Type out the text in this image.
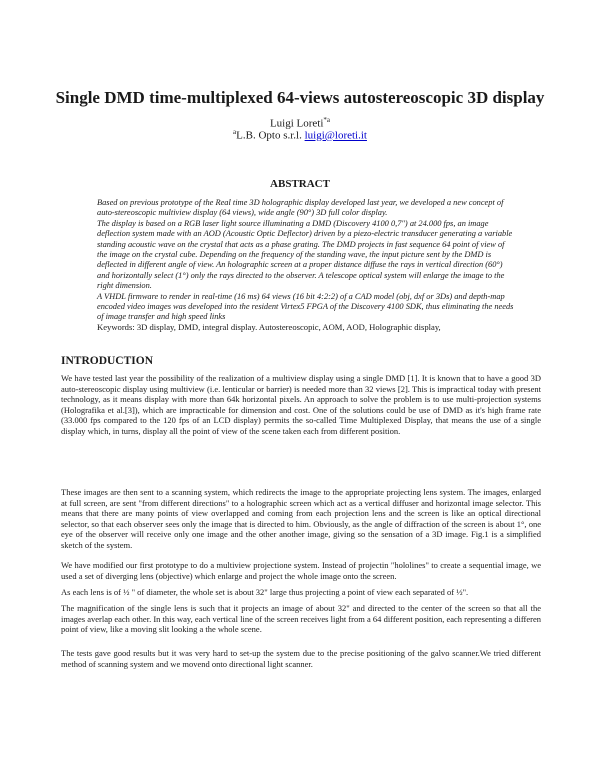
Single DMD time-multiplexed 64-views autostereoscopic 3D display
Luigi Loreti$^{*a}$
$^a$L.B. Opto s.r.l. luigi@loreti.it
ABSTRACT

Based on previous prototype of the Real time 3D holographic display developed last year, we developed a new concept of auto-stereoscopic multiview display (64 views), wide angle (90°) 3D full color display.

The display is based on a RGB laser light source illuminating a DMD (Discovery 4100 0,7") at 24.000 fps, an image deflection system made with an AOD (Acoustic Optic Deflector) driven by a piezo-electric transducer generating a variable standing acoustic wave on the crystal that acts as a phase grating. The DMD projects in fast sequence 64 point of view of the image on the crystal cube. Depending on the frequency of the standing wave, the input picture sent by the DMD is deflected in different angle of view. An holographic screen at a proper distance diffuse the rays in vertical direction (60°) and horizontally select (1°) only the rays directed to the observer. A telescope optical system will enlarge the image to the right dimension.

A VHDL firmware to render in real-time (16 ms) 64 views (16 bit 4:2:2) of a CAD model (obj, dxf or 3Ds) and depth-map encoded video images was developed into the resident Virtex5 FPGA of the Discovery 4100 SDK, thus eliminating the needs of image transfer and high speed links

Keywords: 3D display, DMD, integral display. Autostereoscopic, AOM, AOD, Holographic display,
INTRODUCTION

We have tested last year the possibility of the realization of a multiview display using a single DMD [1]. It is known that to have a good 3D auto-stereoscopic display using multiview (i.e. lenticular or barrier) is needed more than 32 views [2]. This is impractical today with present technology, as it means display with more than 64k horizontal pixels. An approach to solve the problem is to use multi-projection systems (Holografika et al.[3]), which are impracticable for dimension and cost. One of the solutions could be use of DMD as it's high frame rate (33.000 fps compared to the 120 fps of an LCD display) permits the so-called Time Multiplexed Display, that means the use of a single display which, in turns, display all the point of view of the scene taken each from different position.

These images are then sent to a scanning system, which redirects the image to the appropriate projecting lens system. The images, enlarged at full screen, are sent "from different directions" to a holographic screen which act as a vertical diffuser and horizontal image selector. This means that there are many points of view overlapped and coming from each projection lens and the screen is like an optical directional selector, so that each observer sees only the image that is directed to him. Obviously, as the angle of diffraction of the screen is about 1°, one eye of the observer will receive only one image and the other another image, giving so the sensation of a 3D image. Fig.1 is a simplified sketch of the system.

We have modified our first prototype to do a multiview projectione system. Instead of projectin "hololines" to create a sequential image, we used a set of diverging lens (objective) which enlarge and project the whole image onto the screen.

As each lens is of ½ " of diameter, the whole set is about 32" large thus projecting a point of view each separated of ½".

The magnification of the single lens is such that it projects an image of about 32" and directed to the center of the screen so that all the images averlap each other. In this way, each vertical line of the screen receives light from a 64 different position, each representing a differen point of view, like a moving slit looking a the whole scene.

The tests gave good results but it was very hard to set-up the system due to the precise positioning of the galvo scanner.We tried different method of scanning system and we movend onto directional light scanner.
